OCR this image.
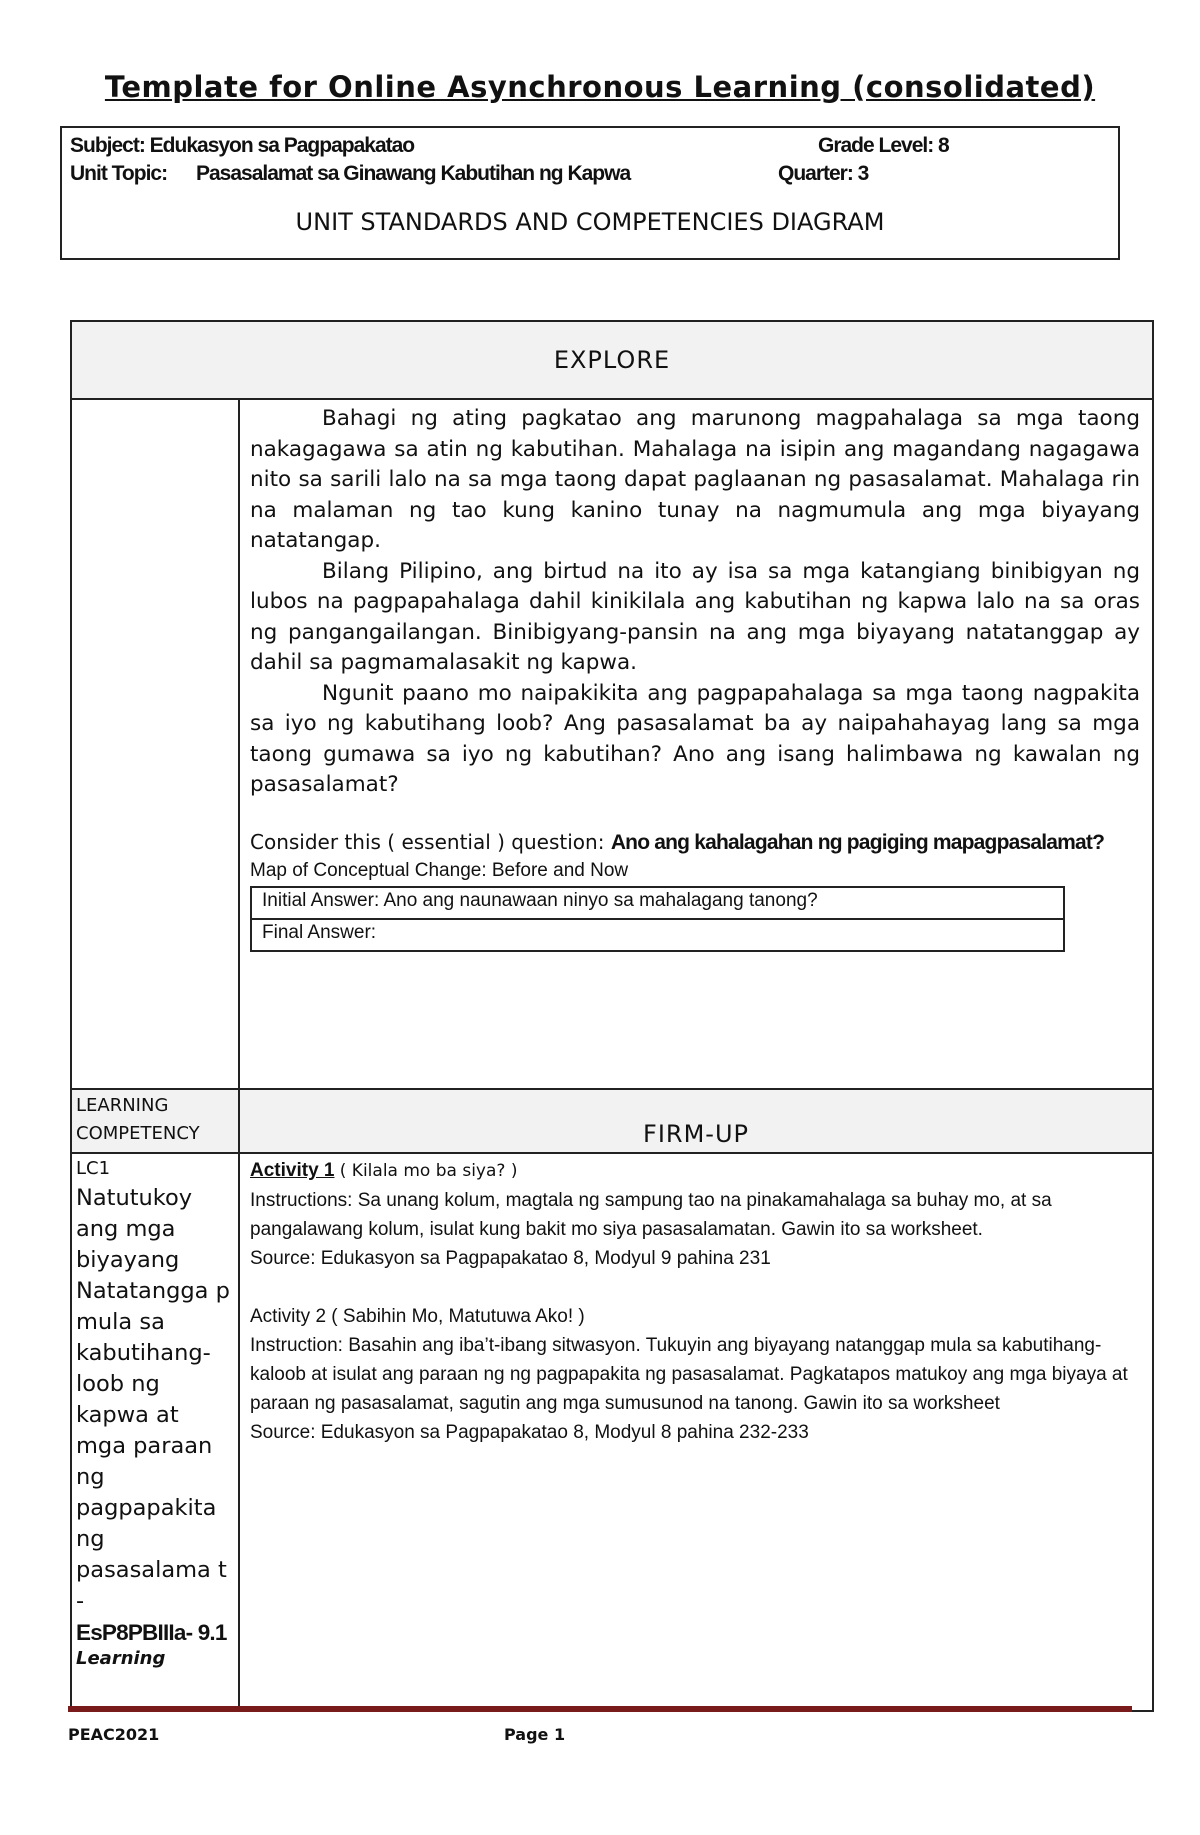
Template for Online Asynchronous Learning (consolidated)
Subject: Edukasyon sa Pagpapakatao	Grade Level: 8
Unit Topic: Pasasalamat sa Ginawang Kabutihan ng Kapwa	Quarter: 3
UNIT STANDARDS AND COMPETENCIES DIAGRAM
EXPLORE

Bahagi ng ating pagkatao ang marunong magpahalaga sa mga taong nakagagawa sa atin ng kabutihan. Mahalaga na isipin ang magandang nagagawa nito sa sarili lalo na sa mga taong dapat paglaanan ng pasasalamat. Mahalaga rin na malaman ng tao kung kanino tunay na nagmumula ang mga biyayang natatangap.

Bilang Pilipino, ang birtud na ito ay isa sa mga katangiang binibigyan ng lubos na pagpapahalaga dahil kinikilala ang kabutihan ng kapwa lalo na sa oras ng pangangailangan. Binibigyang-pansin na ang mga biyayang natatanggap ay dahil sa pagmamalasakit ng kapwa.

Ngunit paano mo naipakikita ang pagpapahalaga sa mga taong nagpakita sa iyo ng kabutihang loob? Ang pasasalamat ba ay naipahahayag lang sa mga taong gumawa sa iyo ng kabutihan? Ano ang isang halimbawa ng kawalan ng pasasalamat?

Consider this ( essential ) question: Ano ang kahalagahan ng pagiging mapagpasalamat?
Map of Conceptual Change: Before and Now
Initial Answer: Ano ang naunawaan ninyo sa mahalagang tanong?
Final Answer:

LEARNING COMPETENCY	FIRM-UP

LC1
Natutukoy ang mga biyayang Natatangga p mula sa kabutihang- loob ng kapwa at mga paraan ng pagpapakita ng pasasalama t -
EsP8PBIIIa- 9.1
Learning

Activity 1 ( Kilala mo ba siya? )

Instructions: Sa unang kolum, magtala ng sampung tao na pinakamahalaga sa buhay mo, at sa pangalawang kolum, isulat kung bakit mo siya pasasalamatan. Gawin ito sa worksheet.

Source: Edukasyon sa Pagpapakatao 8, Modyul 9 pahina 231

Activity 2 ( Sabihin Mo, Matutuwa Ako! )

Instruction: Basahin ang iba’t-ibang sitwasyon. Tukuyin ang biyayang natanggap mula sa kabutihang-kaloob at isulat ang paraan ng ng pagpapakita ng pasasalamat. Pagkatapos matukoy ang mga biyaya at paraan ng pasasalamat, sagutin ang mga sumusunod na tanong. Gawin ito sa worksheet

Source: Edukasyon sa Pagpapakatao 8, Modyul 8 pahina 232-233

PEAC2021	Page 1
